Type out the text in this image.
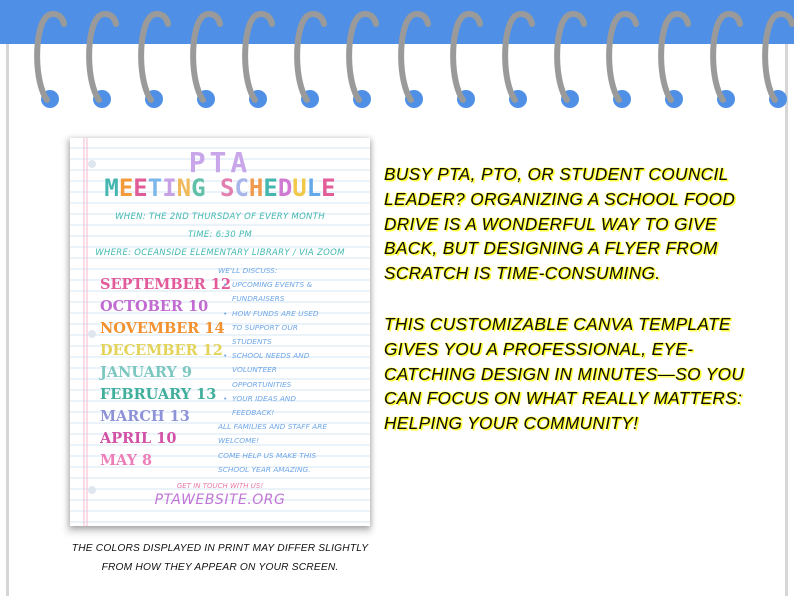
PTA
MEETING SCHEDULE
WHEN: THE 2ND THURSDAY OF EVERY MONTH
TIME: 6:30 PM
WHERE: OCEANSIDE ELEMENTARY LIBRARY / VIA ZOOM
SEPTEMBER 12
OCTOBER 10
NOVEMBER 14
DECEMBER 12
JANUARY 9
FEBRUARY 13
MARCH 13
APRIL 10
MAY 8
WE'LL DISCUSS:
• UPCOMING EVENTS &
FUNDRAISERS
• HOW FUNDS ARE USED
TO SUPPORT OUR
STUDENTS
• SCHOOL NEEDS AND
VOLUNTEER
OPPORTUNITIES
• YOUR IDEAS AND
FEEDBACK!
ALL FAMILIES AND STAFF ARE
WELCOME!
COME HELP US MAKE THIS
SCHOOL YEAR AMAZING.
GET IN TOUCH WITH US!
PTAWEBSITE.ORG
THE COLORS DISPLAYED IN PRINT MAY DIFFER SLIGHTLY
FROM HOW THEY APPEAR ON YOUR SCREEN.
BUSY PTA, PTO, OR STUDENT COUNCIL LEADER? ORGANIZING A SCHOOL FOOD DRIVE IS A WONDERFUL WAY TO GIVE BACK, BUT DESIGNING A FLYER FROM SCRATCH IS TIME-CONSUMING.
THIS CUSTOMIZABLE CANVA TEMPLATE GIVES YOU A PROFESSIONAL, EYE-CATCHING DESIGN IN MINUTES—SO YOU CAN FOCUS ON WHAT REALLY MATTERS: HELPING YOUR COMMUNITY!
